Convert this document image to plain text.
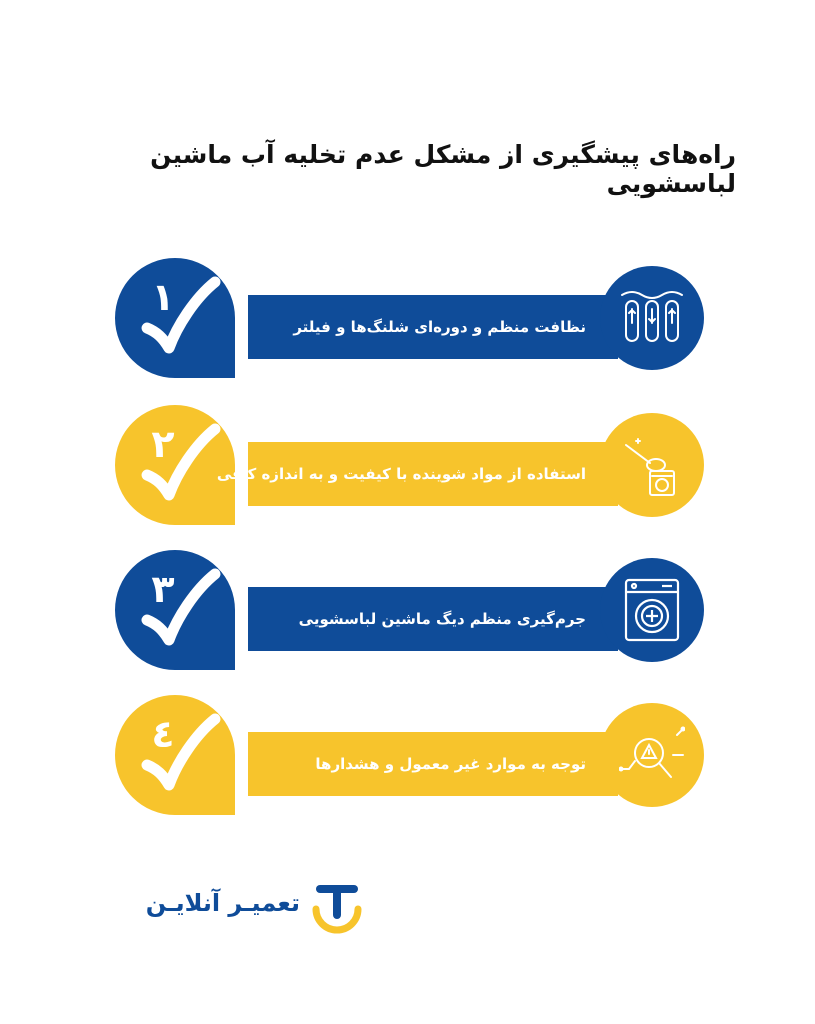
راه‌های پیشگیری از مشکل عدم تخلیه آب ماشین لباسشویی
١
نظافت منظم و دوره‌ای شلنگ‌ها و فیلتر
٢
استفاده از مواد شوینده با کیفیت و به اندازه کافی
٣
جرم‌گیری منظم دیگ ماشین لباسشویی
٤
توجه به موارد غیر معمول و هشدارها
تعمیـر آنلایـن
